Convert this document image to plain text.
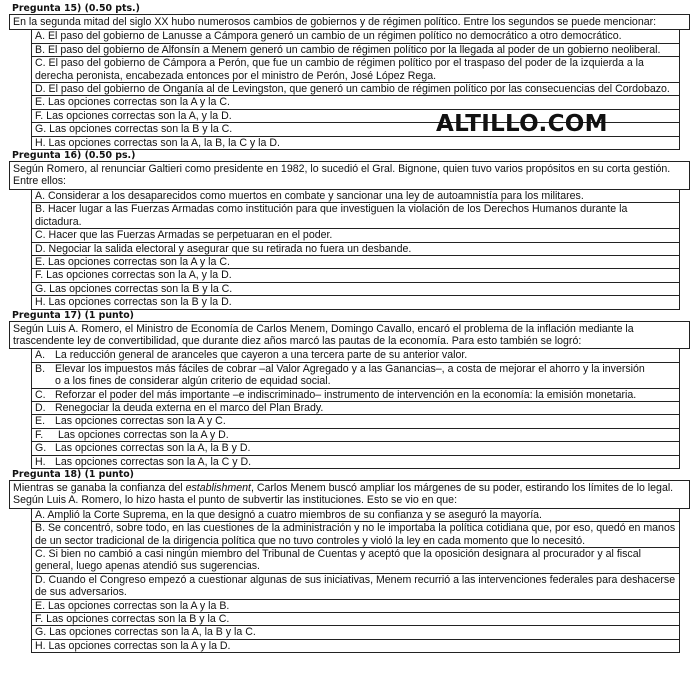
Pregunta 15) (0.50 pts.)
En la segunda mitad del siglo XX hubo numerosos cambios de gobiernos y de régimen político. Entre los segundos se puede mencionar:
A. El paso del gobierno de Lanusse a Cámpora generó un cambio de un régimen político no democrático a otro democrático.
B. El paso del gobierno de Alfonsín a Menem generó un cambio de régimen político por la llegada al poder de un gobierno neoliberal.
C. El paso del gobierno de Cámpora a Perón, que fue un cambio de régimen político por el traspaso del poder de la izquierda a la derecha peronista, encabezada entonces por el ministro de Perón, José López Rega.
D. El paso del gobierno de Onganía al de Levingston, que generó un cambio de régimen político por las consecuencias del Cordobazo.
E. Las opciones correctas son la A y la C.
F. Las opciones correctas son la A, y la D.
G. Las opciones correctas son la B y la C.
H. Las opciones correctas son la A, la B, la C y la D.
Pregunta 16) (0.50 ps.)
Según Romero, al renunciar Galtieri como presidente en 1982, lo sucedió el Gral. Bignone, quien tuvo varios propósitos en su corta gestión. Entre ellos:
A. Considerar a los desaparecidos como muertos en combate y sancionar una ley de autoamnistía para los militares.
B. Hacer lugar a las Fuerzas Armadas como institución para que investiguen la violación de los Derechos Humanos durante la dictadura.
C. Hacer que las Fuerzas Armadas se perpetuaran en el poder.
D. Negociar la salida electoral y asegurar que su retirada no fuera un desbande.
E. Las opciones correctas son la A y la C.
F. Las opciones correctas son la A, y la D.
G. Las opciones correctas son la B y la C.
H. Las opciones correctas son la B y la D.
Pregunta 17) (1 punto)
Según Luis A. Romero, el Ministro de Economía de Carlos Menem, Domingo Cavallo, encaró el problema de la inflación mediante la trascendente ley de convertibilidad, que durante diez años marcó las pautas de la economía. Para esto también se logró:
A. La reducción general de aranceles que cayeron a una tercera parte de su anterior valor.
B. Elevar los impuestos más fáciles de cobrar –al Valor Agregado y a las Ganancias–, a costa de mejorar el ahorro y la inversión
o a los fines de considerar algún criterio de equidad social.
C. Reforzar el poder del más importante –e indiscriminado– instrumento de intervención en la economía: la emisión monetaria.
D. Renegociar la deuda externa en el marco del Plan Brady.
E. Las opciones correctas son la A y C.
F. Las opciones correctas son la A y D.
G. Las opciones correctas son la A, la B y D.
H. Las opciones correctas son la A, la C y D.
Pregunta 18) (1 punto)
Mientras se ganaba la confianza del establishment, Carlos Menem buscó ampliar los márgenes de su poder, estirando los límites de lo legal. Según Luis A. Romero, lo hizo hasta el punto de subvertir las instituciones. Esto se vio en que:
A. Amplió la Corte Suprema, en la que designó a cuatro miembros de su confianza y se aseguró la mayoría.
B. Se concentró, sobre todo, en las cuestiones de la administración y no le importaba la política cotidiana que, por eso, quedó en manos de un sector tradicional de la dirigencia política que no tuvo controles y violó la ley en cada momento que lo necesitó.
C. Si bien no cambió a casi ningún miembro del Tribunal de Cuentas y aceptó que la oposición designara al procurador y al fiscal general, luego apenas atendió sus sugerencias.
D. Cuando el Congreso empezó a cuestionar algunas de sus iniciativas, Menem recurrió a las intervenciones federales para deshacerse de sus adversarios.
E. Las opciones correctas son la A y la B.
F. Las opciones correctas son la B y la C.
G. Las opciones correctas son la A, la B y la C.
H. Las opciones correctas son la A y la D.
ALTILLO.COM
